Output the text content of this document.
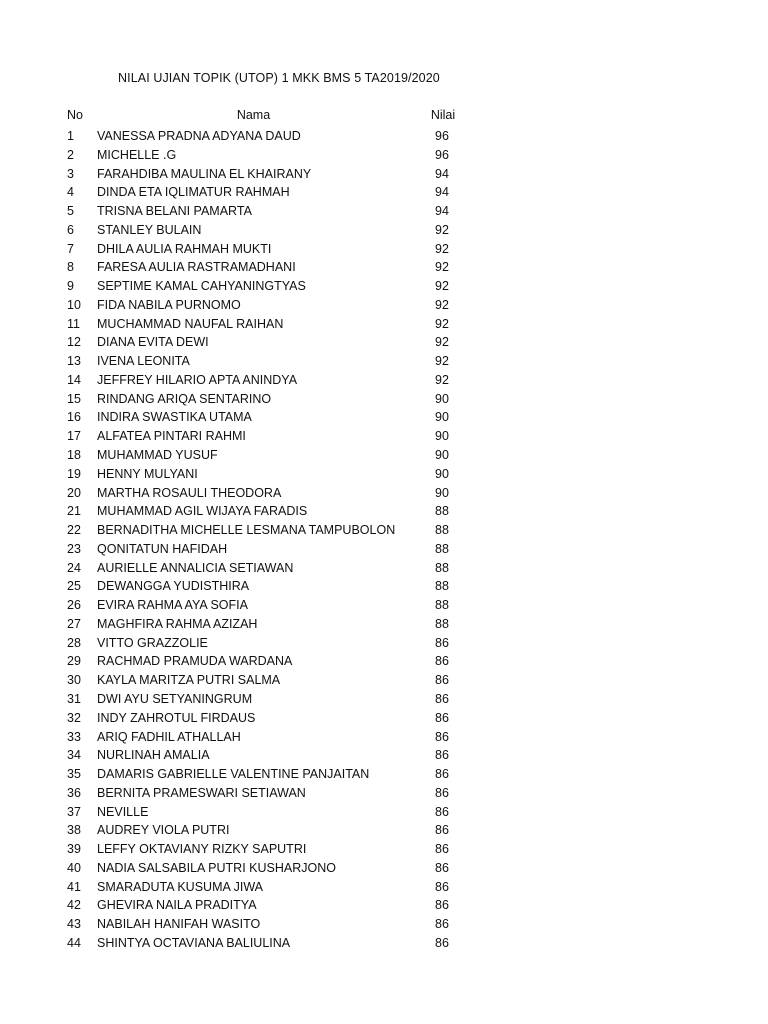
NILAI UJIAN TOPIK (UTOP) 1 MKK BMS 5 TA2019/2020
No	Nama	Nilai
1 VANESSA PRADNA ADYANA DAUD	96
2 MICHELLE .G	96
3 FARAHDIBA MAULINA EL KHAIRANY	94
4 DINDA ETA IQLIMATUR RAHMAH	94
5 TRISNA BELANI PAMARTA	94
6 STANLEY BULAIN	92
7 DHILA AULIA RAHMAH MUKTI	92
8 FARESA AULIA RASTRAMADHANI	92
9 SEPTIME KAMAL CAHYANINGTYAS	92
10 FIDA NABILA PURNOMO	92
11 MUCHAMMAD NAUFAL RAIHAN	92
12 DIANA EVITA DEWI	92
13 IVENA LEONITA	92
14 JEFFREY HILARIO APTA ANINDYA	92
15 RINDANG ARIQA SENTARINO	90
16 INDIRA SWASTIKA UTAMA	90
17 ALFATEA PINTARI RAHMI	90
18 MUHAMMAD YUSUF	90
19 HENNY MULYANI	90
20 MARTHA ROSAULI THEODORA	90
21 MUHAMMAD AGIL WIJAYA FARADIS	88
22 BERNADITHA MICHELLE LESMANA TAMPUBOLON	88
23 QONITATUN HAFIDAH	88
24 AURIELLE ANNALICIA SETIAWAN	88
25 DEWANGGA YUDISTHIRA	88
26 EVIRA RAHMA AYA SOFIA	88
27 MAGHFIRA RAHMA AZIZAH	88
28 VITTO GRAZZOLIE	86
29 RACHMAD PRAMUDA WARDANA	86
30 KAYLA MARITZA PUTRI SALMA	86
31 DWI AYU SETYANINGRUM	86
32 INDY ZAHROTUL FIRDAUS	86
33 ARIQ FADHIL ATHALLAH	86
34 NURLINAH AMALIA	86
35 DAMARIS GABRIELLE VALENTINE PANJAITAN	86
36 BERNITA PRAMESWARI SETIAWAN	86
37 NEVILLE	86
38 AUDREY VIOLA PUTRI	86
39 LEFFY OKTAVIANY RIZKY SAPUTRI	86
40 NADIA SALSABILA PUTRI KUSHARJONO	86
41 SMARADUTA KUSUMA JIWA	86
42 GHEVIRA NAILA PRADITYA	86
43 NABILAH HANIFAH WASITO	86
44 SHINTYA OCTAVIANA BALIULINA	86
